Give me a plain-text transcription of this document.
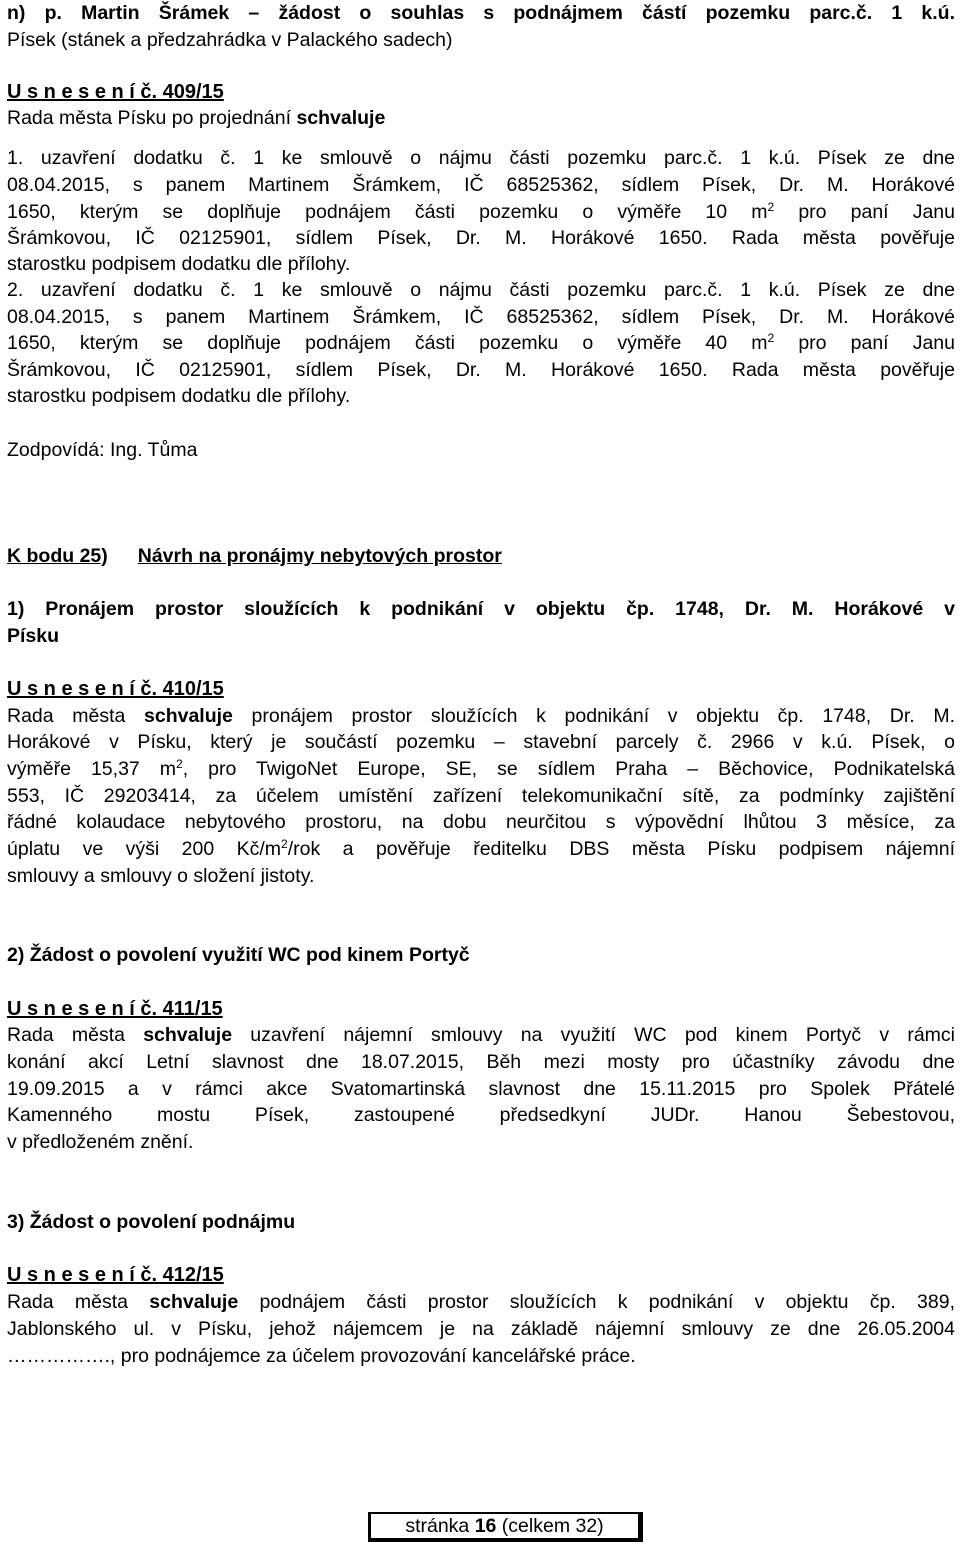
n) p. Martin Šrámek – žádost o souhlas s podnájmem částí pozemku parc.č. 1 k.ú.

Písek (stánek a předzahrádka v Palackého sadech)

U s n e s e n í č. 409/15

Rada města Písku po projednání schvaluje

1. uzavření dodatku č. 1 ke smlouvě o nájmu části pozemku parc.č. 1 k.ú. Písek ze dne

08.04.2015, s panem Martinem Šrámkem, IČ 68525362, sídlem Písek, Dr. M. Horákové

1650, kterým se doplňuje podnájem části pozemku o výměře 10 $m^2$ pro paní Janu

Šrámkovou, IČ 02125901, sídlem Písek, Dr. M. Horákové 1650. Rada města pověřuje

starostku podpisem dodatku dle přílohy.

2. uzavření dodatku č. 1 ke smlouvě o nájmu části pozemku parc.č. 1 k.ú. Písek ze dne

08.04.2015, s panem Martinem Šrámkem, IČ 68525362, sídlem Písek, Dr. M. Horákové

1650, kterým se doplňuje podnájem části pozemku o výměře 40 $m^2$ pro paní Janu

Šrámkovou, IČ 02125901, sídlem Písek, Dr. M. Horákové 1650. Rada města pověřuje

starostku podpisem dodatku dle přílohy.

Zodpovídá: Ing. Tůma

K bodu 25) Návrh na pronájmy nebytových prostor

1) Pronájem prostor sloužících k podnikání v objektu čp. 1748, Dr. M. Horákové v

Písku

U s n e s e n í č. 410/15

Rada města schvaluje pronájem prostor sloužících k podnikání v objektu čp. 1748, Dr. M.

Horákové v Písku, který je součástí pozemku – stavební parcely č. 2966 v k.ú. Písek, o

výměře 15,37 $m^2$, pro TwigoNet Europe, SE, se sídlem Praha – Běchovice, Podnikatelská

553, IČ 29203414, za účelem umístění zařízení telekomunikační sítě, za podmínky zajištění

řádné kolaudace nebytového prostoru, na dobu neurčitou s výpovědní lhůtou 3 měsíce, za

úplatu ve výši 200 $Kč/m^2$/rok a pověřuje ředitelku DBS města Písku podpisem nájemní

smlouvy a smlouvy o složení jistoty.

2) Žádost o povolení využití WC pod kinem Portyč

U s n e s e n í č. 411/15

Rada města schvaluje uzavření nájemní smlouvy na využití WC pod kinem Portyč v rámci

konání akcí Letní slavnost dne 18.07.2015, Běh mezi mosty pro účastníky závodu dne

19.09.2015 a v rámci akce Svatomartinská slavnost dne 15.11.2015 pro Spolek Přátelé

Kamenného mostu Písek, zastoupené předsedkyní JUDr. Hanou Šebestovou,

v předloženém znění.

3) Žádost o povolení podnájmu

U s n e s e n í č. 412/15

Rada města schvaluje podnájem části prostor sloužících k podnikání v objektu čp. 389,

Jablonského ul. v Písku, jehož nájemcem je na základě nájemní smlouvy ze dne 26.05.2004

……………., pro podnájemce za účelem provozování kancelářské práce.

stránka 16 (celkem 32)
